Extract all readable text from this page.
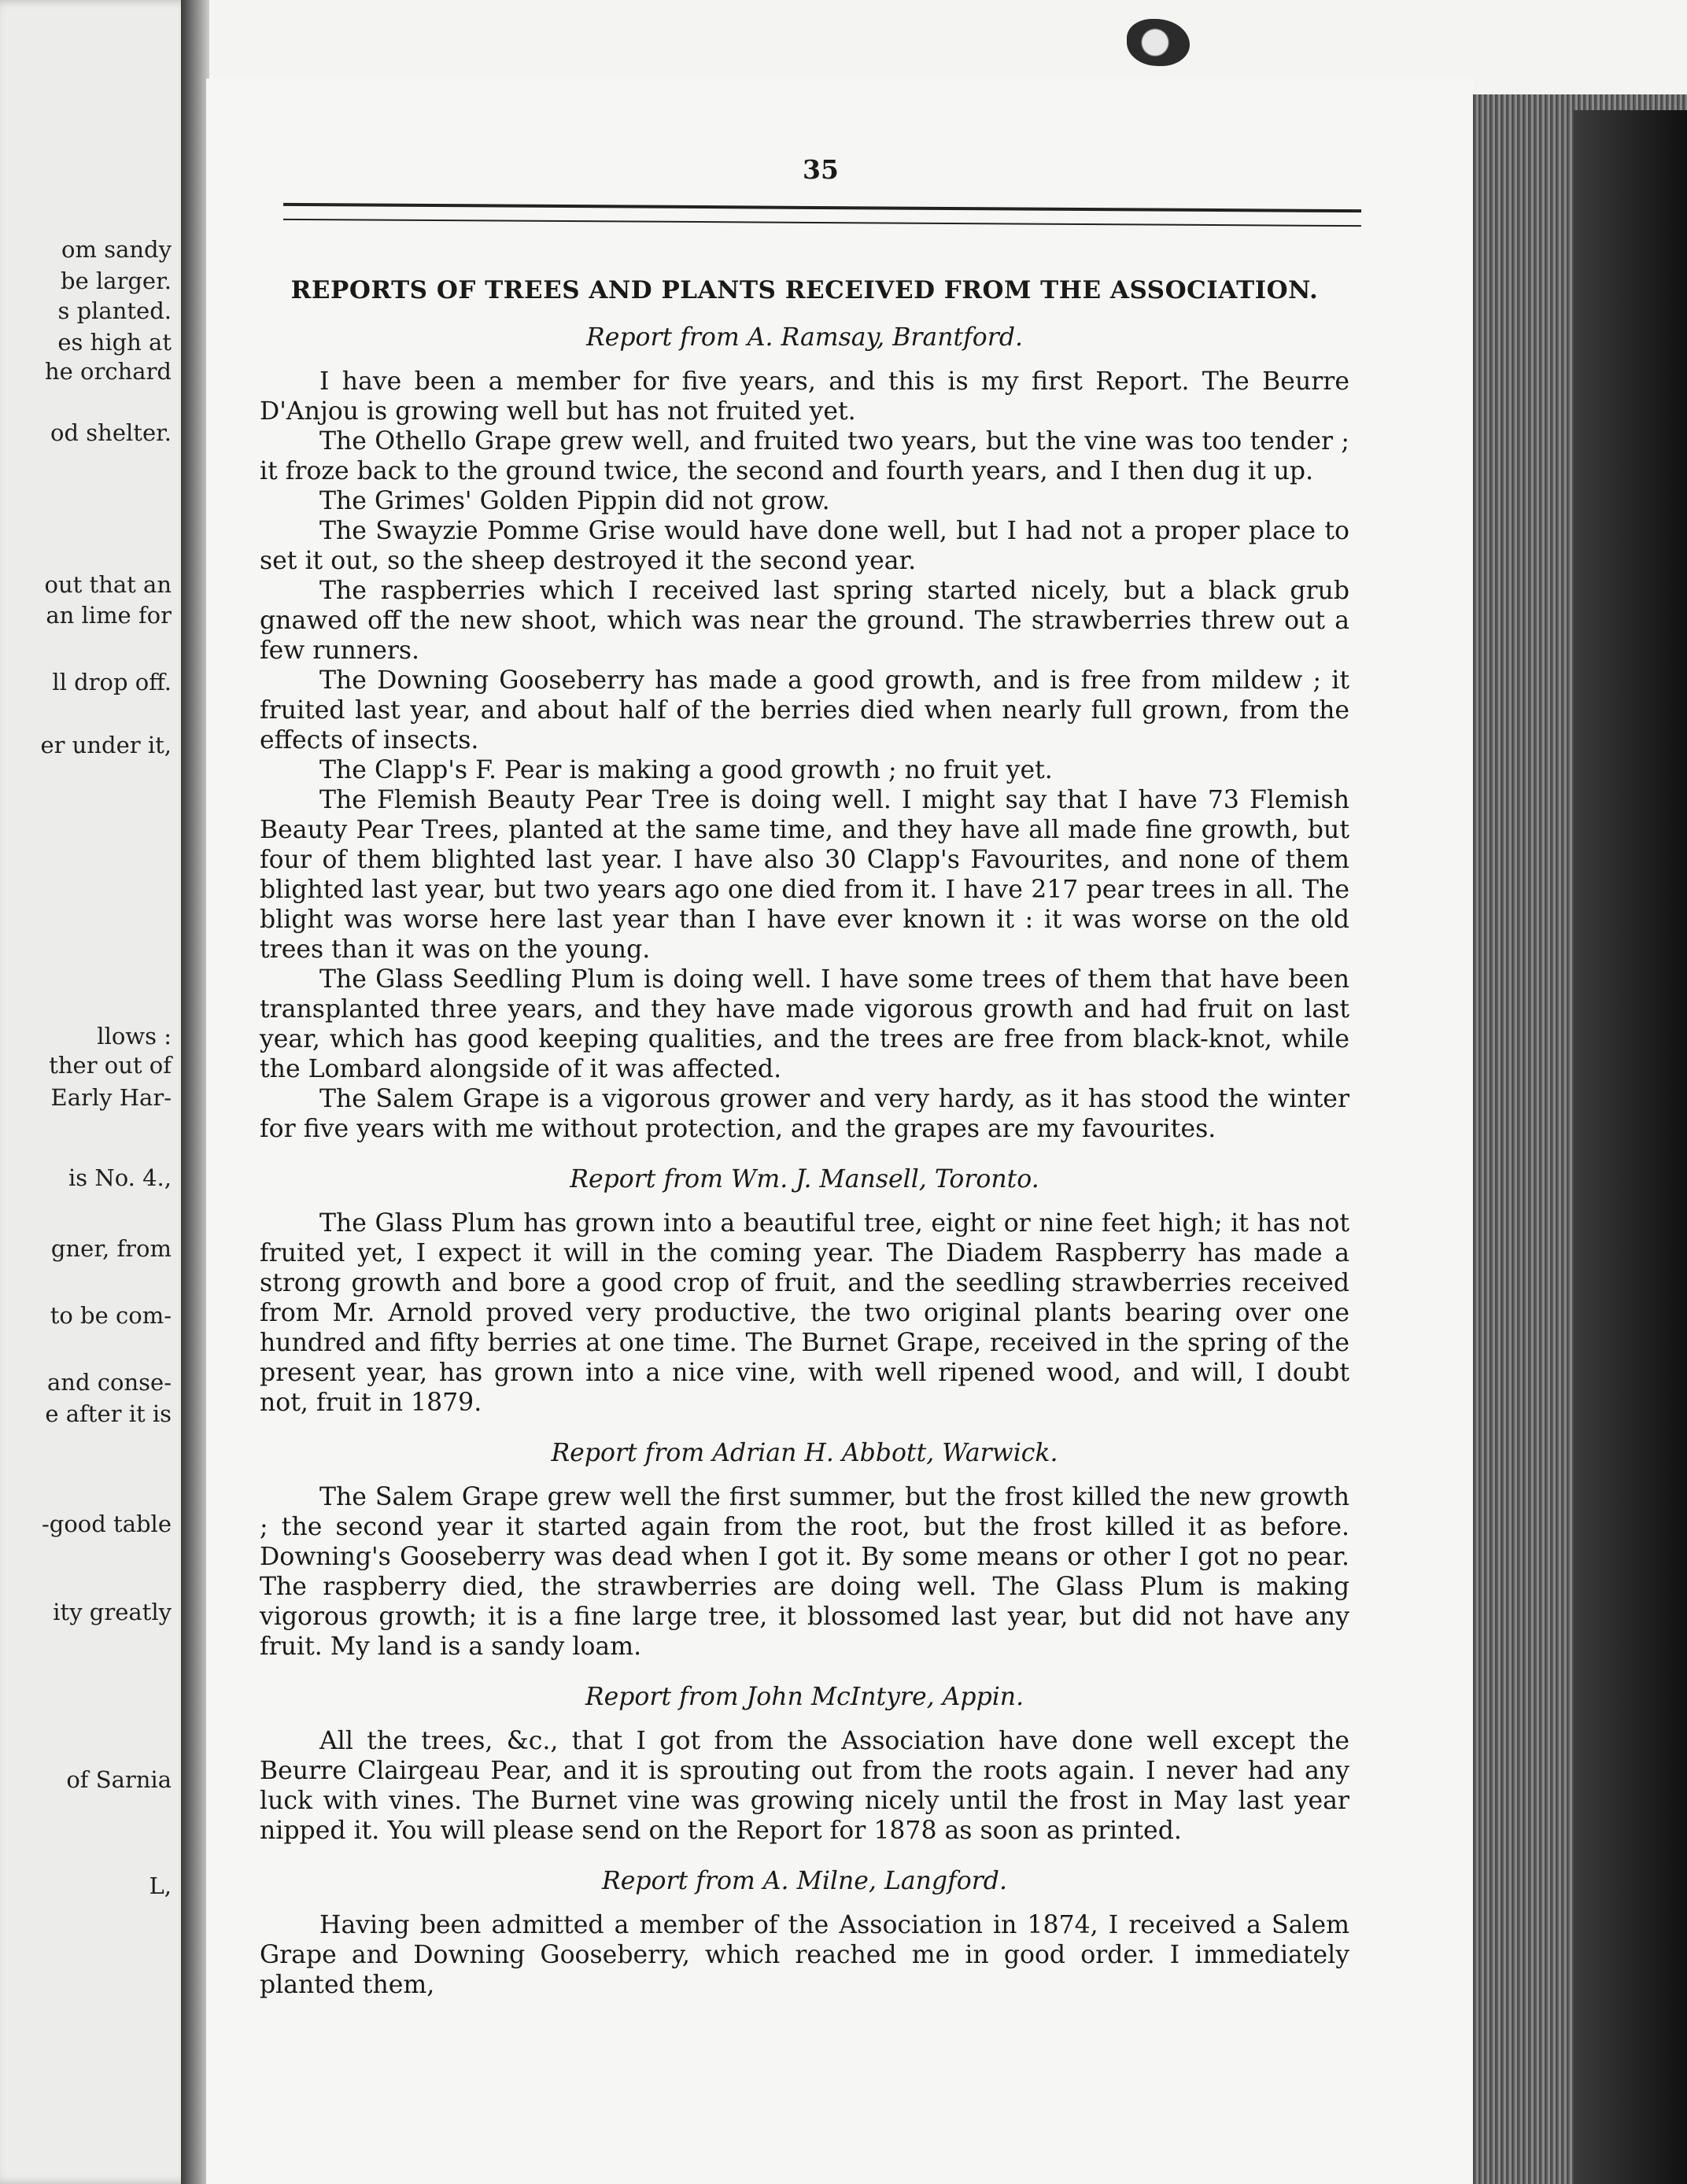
om sandy
be larger.
s planted.
es high at
he orchard
od shelter.
out that an
an lime for
ll drop off.
er under it,
llows :
ther out of
Early Har-
is No. 4.,
gner, from
to be com-
and conse-
e after it is
-good table
ity greatly
of Sarnia
L,
35
REPORTS OF TREES AND PLANTS RECEIVED FROM THE ASSOCIATION.
Report from A. Ramsay, Brantford.

I have been a member for five years, and this is my first Report. The Beurre D'Anjou is growing well but has not fruited yet.

The Othello Grape grew well, and fruited two years, but the vine was too tender ; it froze back to the ground twice, the second and fourth years, and I then dug it up.

The Grimes' Golden Pippin did not grow.

The Swayzie Pomme Grise would have done well, but I had not a proper place to set it out, so the sheep destroyed it the second year.

The raspberries which I received last spring started nicely, but a black grub gnawed off the new shoot, which was near the ground. The strawberries threw out a few runners.

The Downing Gooseberry has made a good growth, and is free from mildew ; it fruited last year, and about half of the berries died when nearly full grown, from the effects of insects.

The Clapp's F. Pear is making a good growth ; no fruit yet.

The Flemish Beauty Pear Tree is doing well. I might say that I have 73 Flemish Beauty Pear Trees, planted at the same time, and they have all made fine growth, but four of them blighted last year. I have also 30 Clapp's Favourites, and none of them blighted last year, but two years ago one died from it. I have 217 pear trees in all. The blight was worse here last year than I have ever known it : it was worse on the old trees than it was on the young.

The Glass Seedling Plum is doing well. I have some trees of them that have been transplanted three years, and they have made vigorous growth and had fruit on last year, which has good keeping qualities, and the trees are free from black-knot, while the Lombard alongside of it was affected.

The Salem Grape is a vigorous grower and very hardy, as it has stood the winter for five years with me without protection, and the grapes are my favourites.

Report from Wm. J. Mansell, Toronto.

The Glass Plum has grown into a beautiful tree, eight or nine feet high; it has not fruited yet, I expect it will in the coming year. The Diadem Raspberry has made a strong growth and bore a good crop of fruit, and the seedling strawberries received from Mr. Arnold proved very productive, the two original plants bearing over one hundred and fifty berries at one time. The Burnet Grape, received in the spring of the present year, has grown into a nice vine, with well ripened wood, and will, I doubt not, fruit in 1879.

Report from Adrian H. Abbott, Warwick.

The Salem Grape grew well the first summer, but the frost killed the new growth ; the second year it started again from the root, but the frost killed it as before. Downing's Gooseberry was dead when I got it. By some means or other I got no pear. The raspberry died, the strawberries are doing well. The Glass Plum is making vigorous growth; it is a fine large tree, it blossomed last year, but did not have any fruit. My land is a sandy loam.

Report from John McIntyre, Appin.

All the trees, &c., that I got from the Association have done well except the Beurre Clairgeau Pear, and it is sprouting out from the roots again. I never had any luck with vines. The Burnet vine was growing nicely until the frost in May last year nipped it. You will please send on the Report for 1878 as soon as printed.

Report from A. Milne, Langford.

Having been admitted a member of the Association in 1874, I received a Salem Grape and Downing Gooseberry, which reached me in good order. I immediately planted them,
